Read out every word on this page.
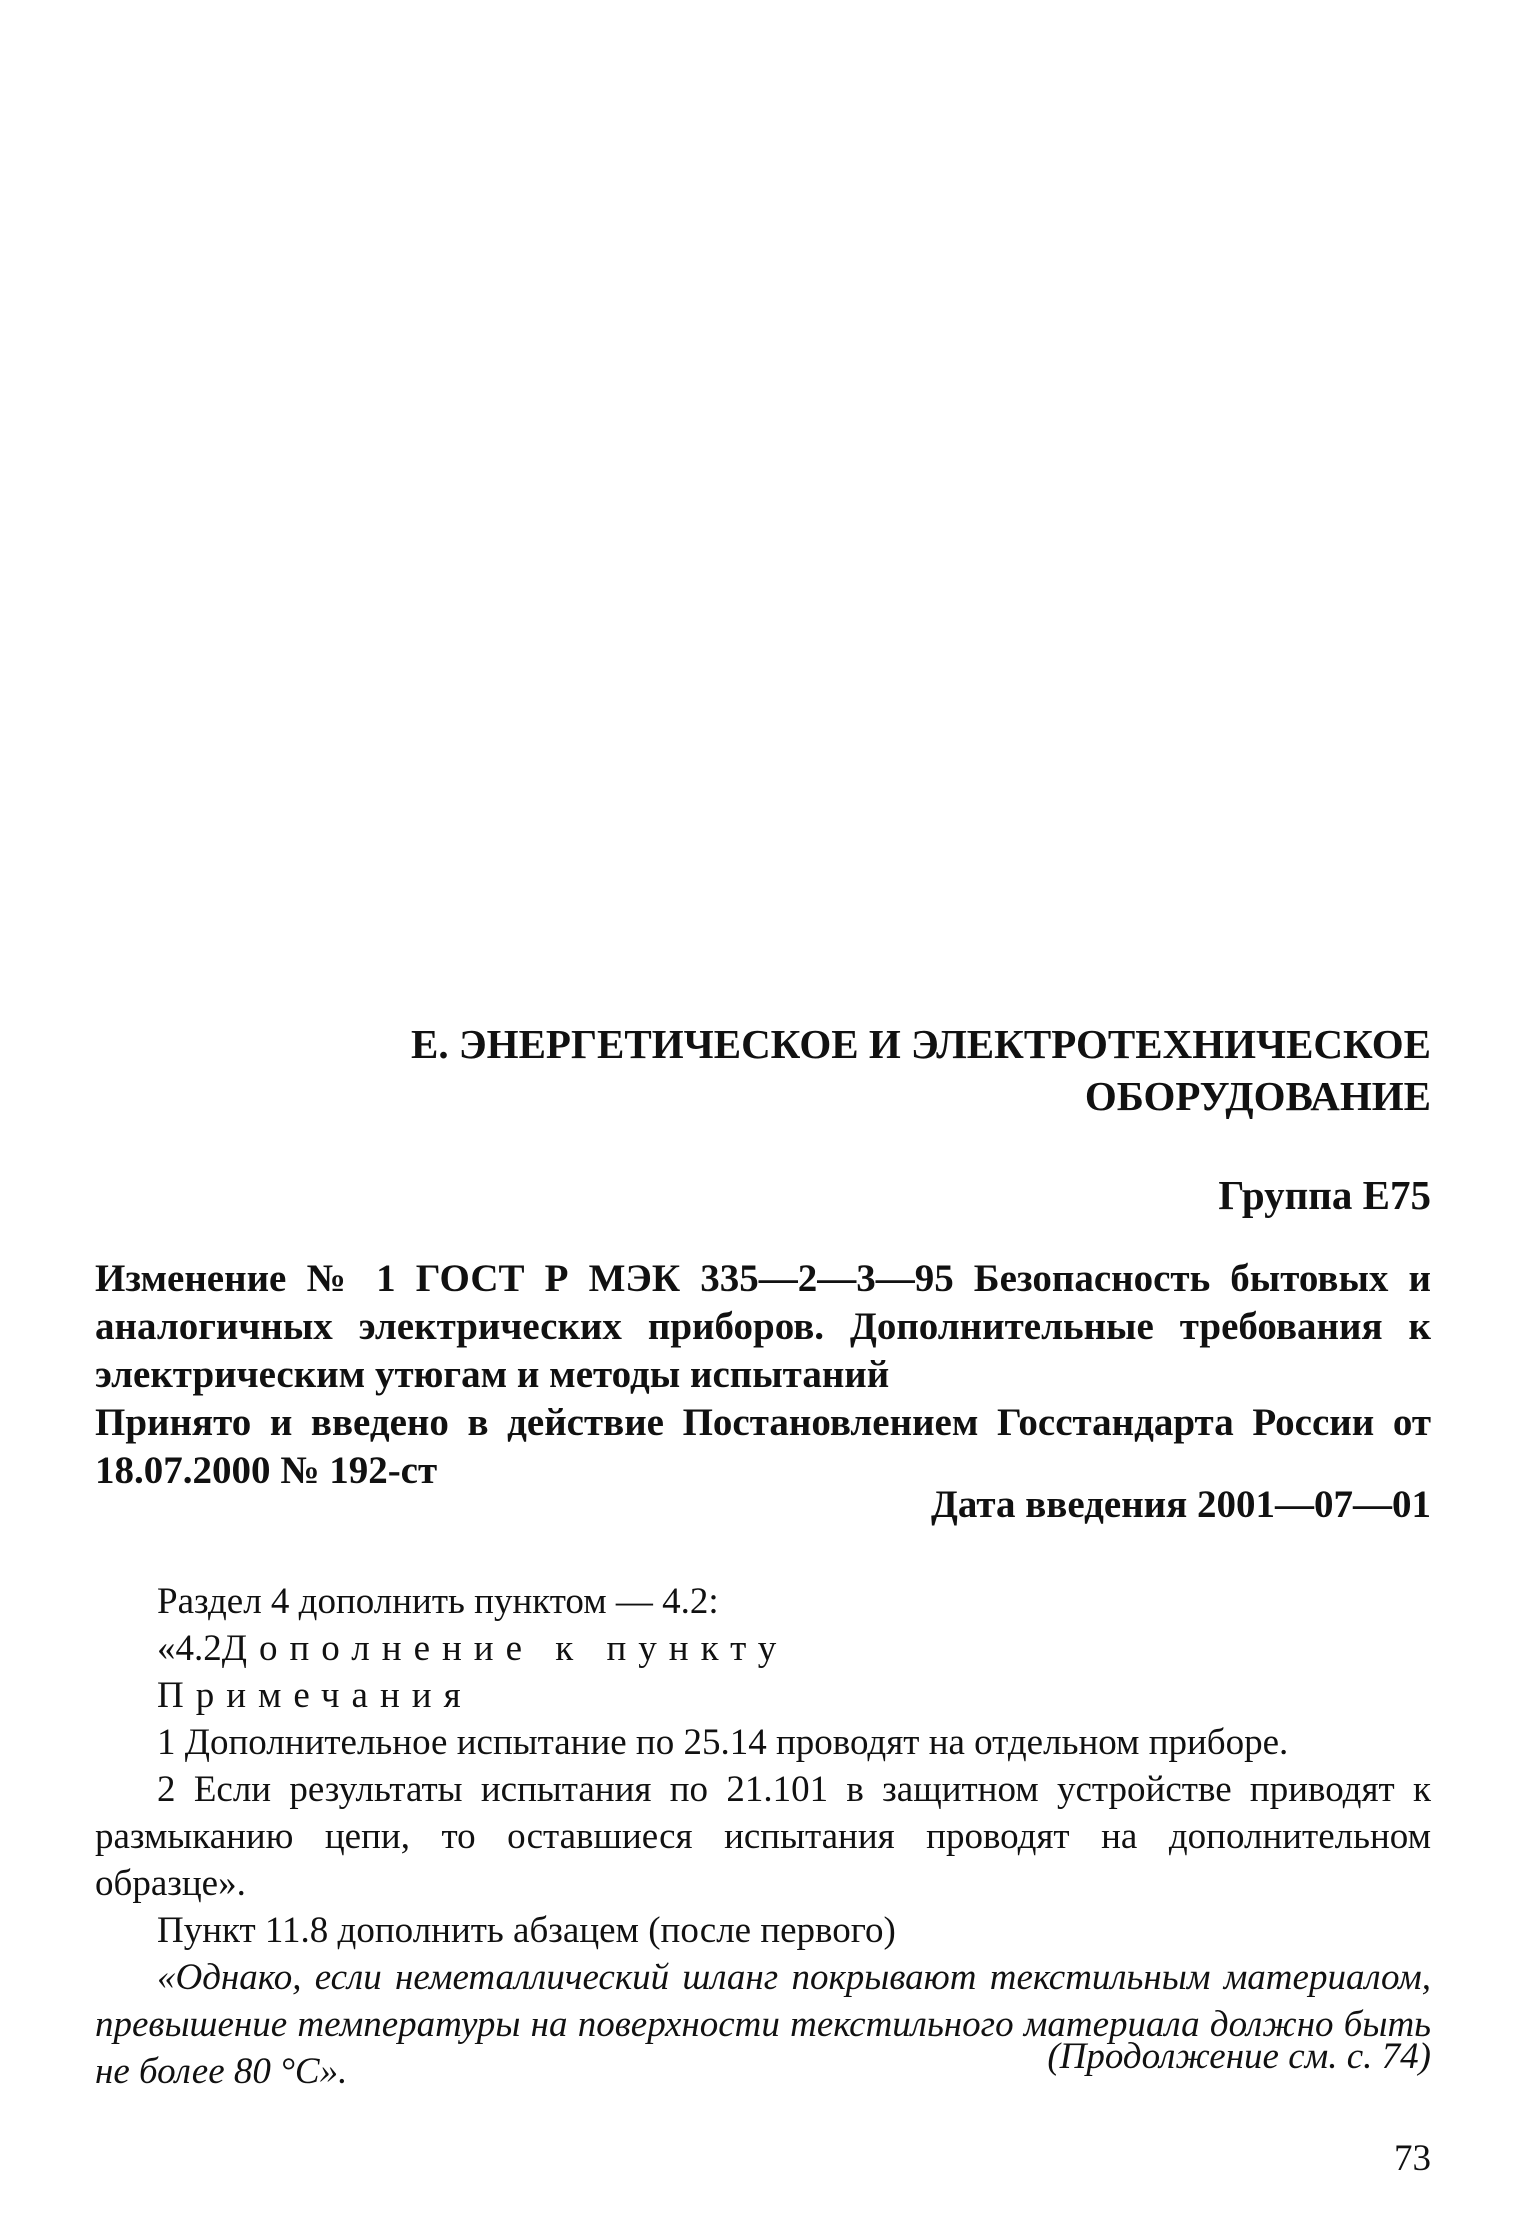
Е. ЭНЕРГЕТИЧЕСКОЕ И ЭЛЕКТРОТЕХНИЧЕСКОЕ
ОБОРУДОВАНИЕ
Группа Е75

Изменение № 1 ГОСТ Р МЭК 335—2—3—95 Безопасность бытовых и аналогичных электрических приборов. Дополнительные требования к электрическим утюгам и методы испытаний

Принято и введено в действие Постановлением Госстандарта России от 18.07.2000 № 192-ст

Дата введения 2001—07—01

Раздел 4 дополнить пунктом — 4.2:

«4.2Дополнение к пункту

Примечания

1 Дополнительное испытание по 25.14 проводят на отдельном приборе.

2 Если результаты испытания по 21.101 в защитном устройстве приводят к размыканию цепи, то оставшиеся испытания проводят на дополнительном образце».

Пункт 11.8 дополнить абзацем (после первого)

«Однако, если неметаллический шланг покрывают текстильным материалом, превышение температуры на поверхности текстильного материала должно быть не более 80 °С».	(Продолжение см. с. 74)
73
